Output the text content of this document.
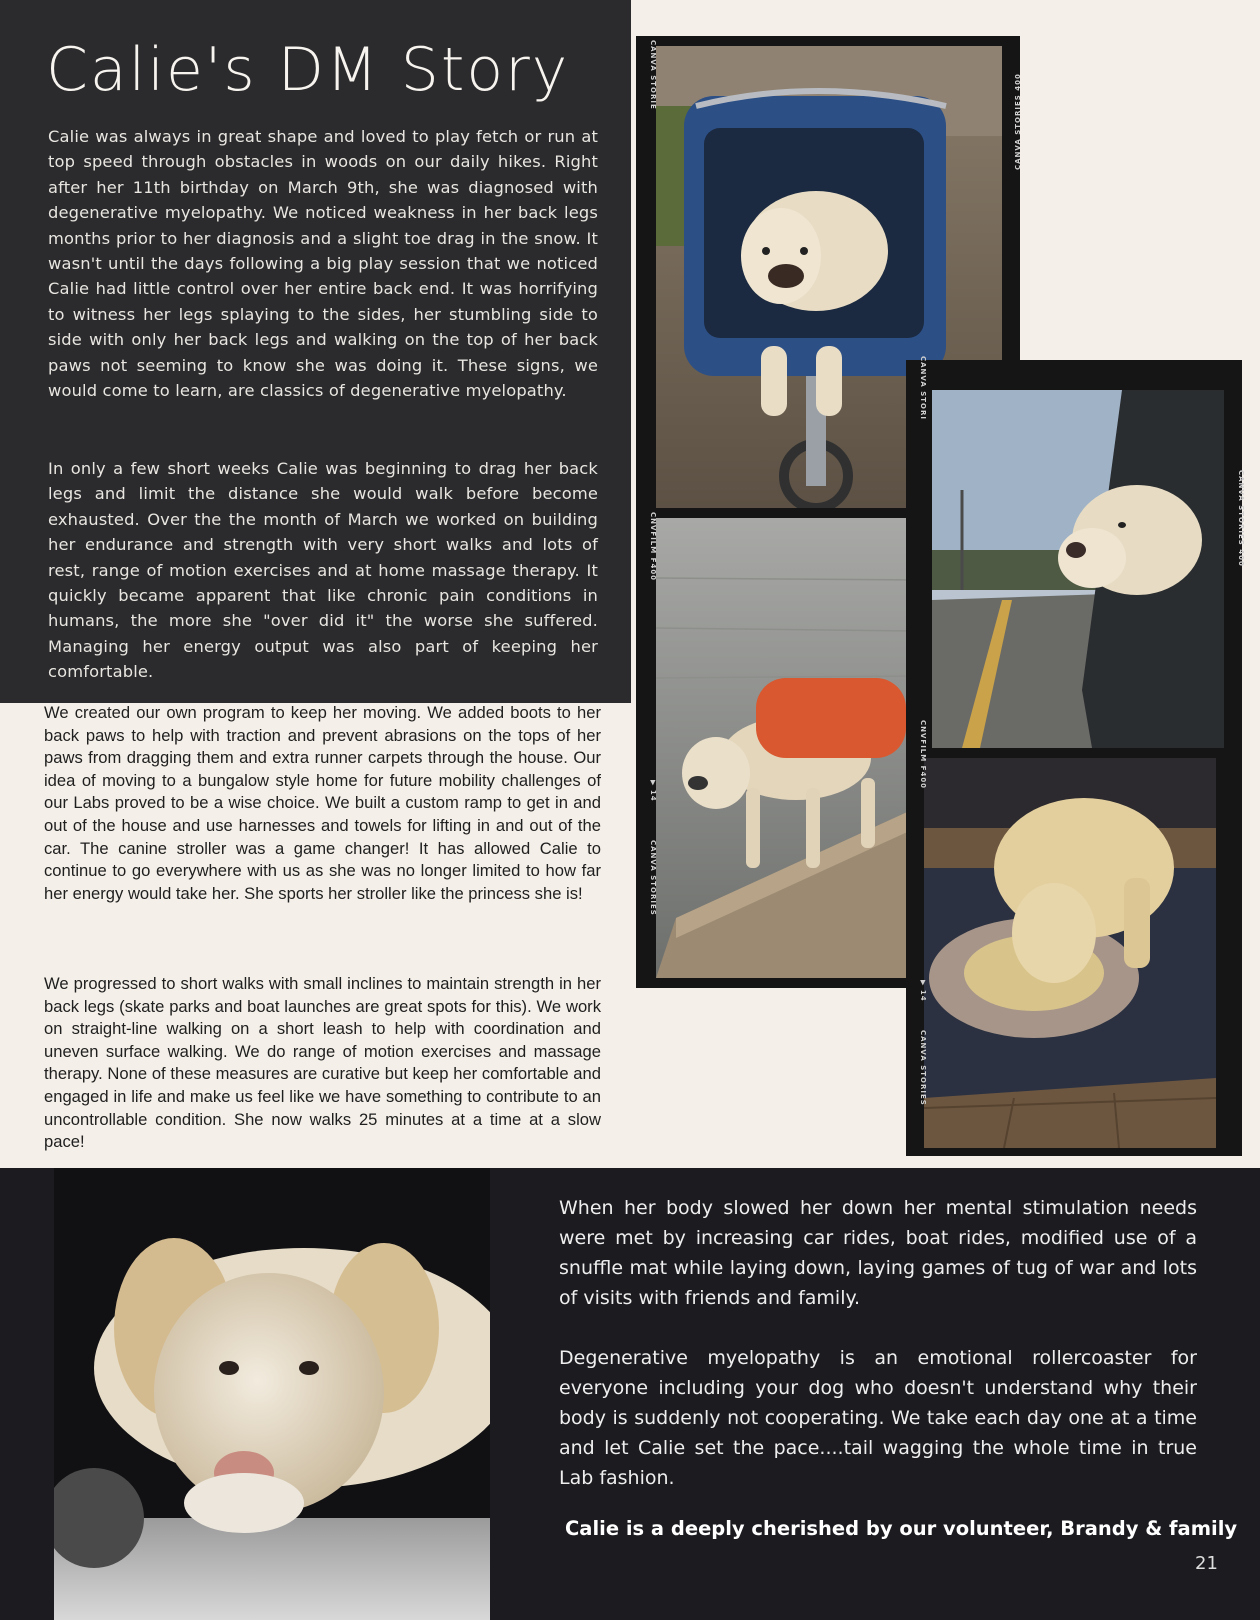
Calie's DM Story

Calie was always in great shape and loved to play fetch or run at top speed through obstacles in woods on our daily hikes. Right after her 11th birthday on March 9th, she was diagnosed with degenerative myelopathy. We noticed weakness in her back legs months prior to her diagnosis and a slight toe drag in the snow. It wasn't until the days following a big play session that we noticed Calie had little control over her entire back end. It was horrifying to witness her legs splaying to the sides, her stumbling side to side with only her back legs and walking on the top of her back paws not seeming to know she was doing it. These signs, we would come to learn, are classics of degenerative myelopathy.

In only a few short weeks Calie was beginning to drag her back legs and limit the distance she would walk before become exhausted. Over the the month of March we worked on building her endurance and strength with very short walks and lots of rest, range of motion exercises and at home massage therapy. It quickly became apparent that like chronic pain conditions in humans, the more she "over did it" the worse she suffered. Managing her energy output was also part of keeping her comfortable.

We created our own program to keep her moving. We added boots to her back paws to help with traction and prevent abrasions on the tops of her paws from dragging them and extra runner carpets through the house. Our idea of moving to a bungalow style home for future mobility challenges of our Labs proved to be a wise choice. We built a custom ramp to get in and out of the house and use harnesses and towels for lifting in and out of the car. The canine stroller was a game changer! It has allowed Calie to continue to go everywhere with us as she was no longer limited to how far her energy would take her. She sports her stroller like the princess she is!

We progressed to short walks with small inclines to maintain strength in her back legs (skate parks and boat launches are great spots for this). We work on straight-line walking on a short leash to help with coordination and uneven surface walking. We do range of motion exercises and massage therapy. None of these measures are curative but keep her comfortable and engaged in life and make us feel like we have something to contribute to an uncontrollable condition. She now walks 25 minutes at a time at a slow pace!

CANVA STORIE
CNVFILM F400
▶ 14
CANVA STORIES
CANVA STORIES 400
CANVA STORI
CANVA STORIES 400
CNVFILM F400
▶ 14
CANVA STORIES

When her body slowed her down her mental stimulation needs were met by increasing car rides, boat rides, modified use of a snuffle mat while laying down, laying games of tug of war and lots of visits with friends and family.

Degenerative myelopathy is an emotional rollercoaster for everyone including your dog who doesn't understand why their body is suddenly not cooperating. We take each day one at a time and let Calie set the pace....tail wagging the whole time in true Lab fashion.

Calie is a deeply cherished by our volunteer, Brandy & family

21
